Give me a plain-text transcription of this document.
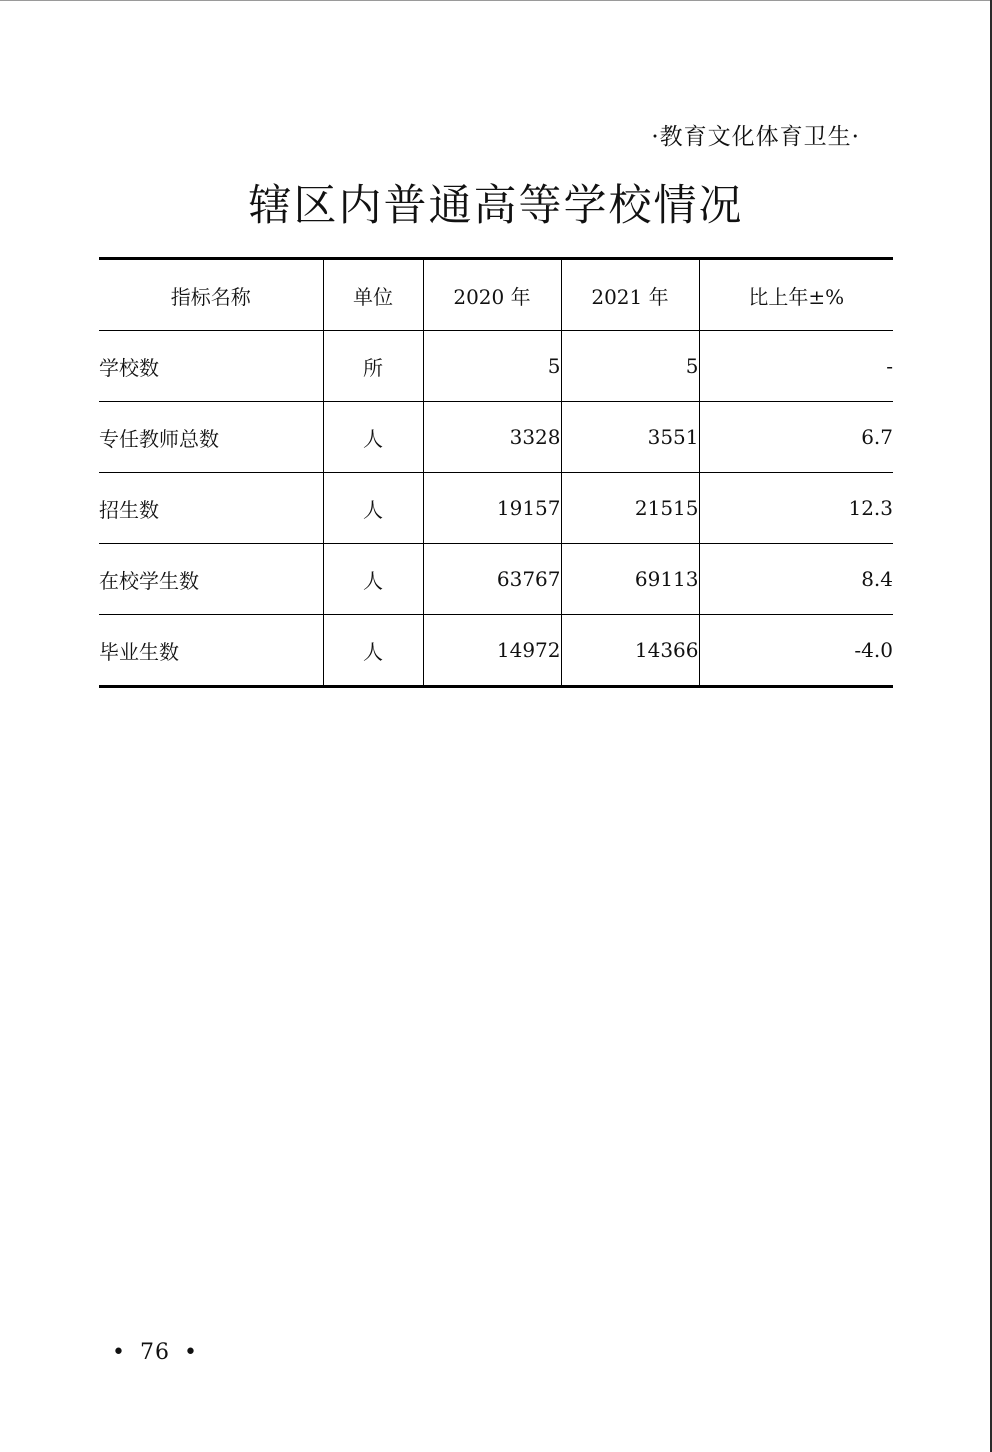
·教育文化体育卫生·
辖区内普通高等学校情况
指标名称	单位	2020 年	2021 年	比上年±%
学校数	所	5	5	-
专任教师总数	人	3328	3551	6.7
招生数	人	19157	21515	12.3
在校学生数	人	63767	69113	8.4
毕业生数	人	14972	14366	-4.0
• 76 •
